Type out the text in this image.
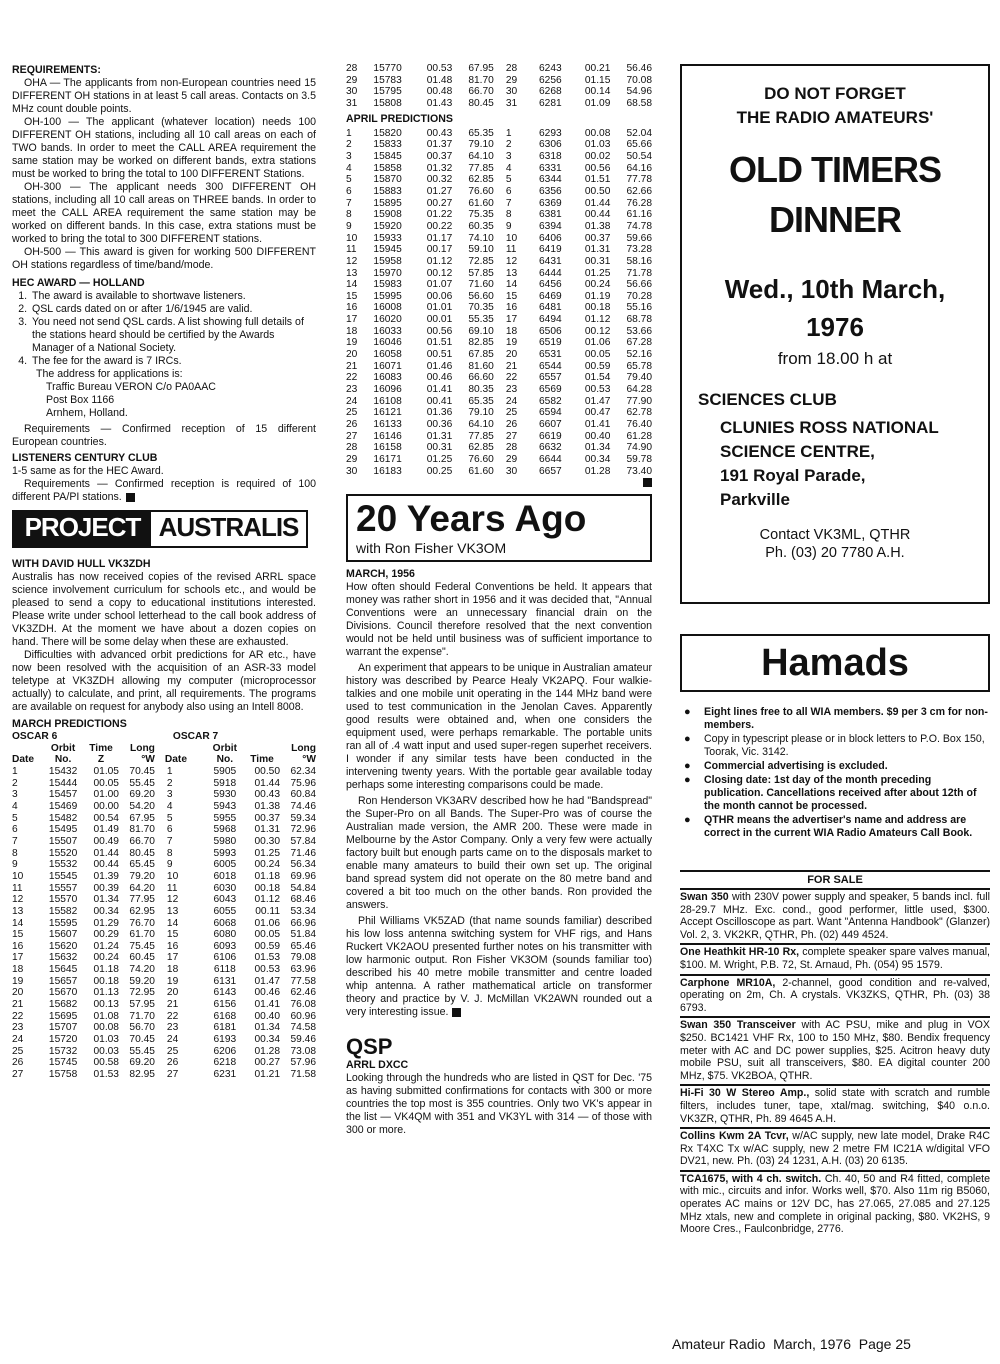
REQUIREMENTS:

OHA — The applicants from non-European countries need 15 DIFFERENT OH stations in at least 5 call areas. Contacts on 3.5 MHz count double points.

OH-100 — The applicant (whatever location) needs 100 DIFFERENT OH stations, including all 10 call areas on each of TWO bands. In order to meet the CALL AREA requirement the same station may be worked on different bands, extra stations must be worked to bring the total to 100 DIFFERENT Stations.

OH-300 — The applicant needs 300 DIFFERENT OH stations, including all 10 call areas on THREE bands. In order to meet the CALL AREA requirement the same station may be worked on different bands. In this case, extra stations must be worked to bring the total to 300 DIFFERENT stations.

OH-500 — This award is given for working 500 DIFFERENT OH stations regardless of time/band/mode.

HEC AWARD — HOLLAND
1. The award is available to shortwave listeners.
2. QSL cards dated on or after 1/6/1945 are valid.
3. You need not send QSL cards. A list showing full details of the stations heard should be certified by the Awards Manager of a National Society.
4. The fee for the award is 7 IRCs.
The address for applications is:
Traffic Bureau VERON C/o PA0AAC
Post Box 1166
Arnhem, Holland.

Requirements — Confirmed reception of 15 different European countries.

LISTENERS CENTURY CLUB

1-5 same as for the HEC Award.

Requirements — Confirmed reception is required of 100 different PA/PI stations.

PROJECT AUSTRALIS
WITH DAVID HULL VK3ZDH

Australis has now received copies of the revised ARRL space science involvement curriculum for schools etc., and would be pleased to send a copy to educational institutions interested. Please write under school letterhead to the call book address of VK3ZDH. At the moment we have about a dozen copies on hand. There will be some delay when these are exhausted.

Difficulties with advanced orbit predictions for AR etc., have now been resolved with the acquisition of an ASR-33 model teletype at VK3ZDH allowing my computer (microprocessor actually) to calculate, and print, all requirements. The programs are available on request for anybody also using an Intell 8008.

MARCH PREDICTIONS
OSCAR 6				OSCAR 7			
	Orbit	Time	Long		Orbit		Long
Date	No.	Z	°W	Date	No.	Time	°W
1	15432	01.05	70.45	1	5905	00.50	62.34
2	15444	00.05	55.45	2	5918	01.44	75.96
3	15457	01.00	69.20	3	5930	00.43	60.84
4	15469	00.00	54.20	4	5943	01.38	74.46
5	15482	00.54	67.95	5	5955	00.37	59.34
6	15495	01.49	81.70	6	5968	01.31	72.96
7	15507	00.49	66.70	7	5980	00.30	57.84
8	15520	01.44	80.45	8	5993	01.25	71.46
9	15532	00.44	65.45	9	6005	00.24	56.34
10	15545	01.39	79.20	10	6018	01.18	69.96
11	15557	00.39	64.20	11	6030	00.18	54.84
12	15570	01.34	77.95	12	6043	01.12	68.46
13	15582	00.34	62.95	13	6055	00.11	53.34
14	15595	01.29	76.70	14	6068	01.06	66.96
15	15607	00.29	61.70	15	6080	00.05	51.84
16	15620	01.24	75.45	16	6093	00.59	65.46
17	15632	00.24	60.45	17	6106	01.53	79.08
18	15645	01.18	74.20	18	6118	00.53	63.96
19	15657	00.18	59.20	19	6131	01.47	77.58
20	15670	01.13	72.95	20	6143	00.46	62.46
21	15682	00.13	57.95	21	6156	01.41	76.08
22	15695	01.08	71.70	22	6168	00.40	60.96
23	15707	00.08	56.70	23	6181	01.34	74.58
24	15720	01.03	70.45	24	6193	00.34	59.46
25	15732	00.03	55.45	25	6206	01.28	73.08
26	15745	00.58	69.20	26	6218	00.27	57.96
27	15758	01.53	82.95	27	6231	01.21	71.58
28	15770	00.53	67.95	28	6243	00.21	56.46
29	15783	01.48	81.70	29	6256	01.15	70.08
30	15795	00.48	66.70	30	6268	00.14	54.96
31	15808	01.43	80.45	31	6281	01.09	68.58
APRIL PREDICTIONS
1	15820	00.43	65.35	1	6293	00.08	52.04
2	15833	01.37	79.10	2	6306	01.03	65.66
3	15845	00.37	64.10	3	6318	00.02	50.54
4	15858	01.32	77.85	4	6331	00.56	64.16
5	15870	00.32	62.85	5	6344	01.51	77.78
6	15883	01.27	76.60	6	6356	00.50	62.66
7	15895	00.27	61.60	7	6369	01.44	76.28
8	15908	01.22	75.35	8	6381	00.44	61.16
9	15920	00.22	60.35	9	6394	01.38	74.78
10	15933	01.17	74.10	10	6406	00.37	59.66
11	15945	00.17	59.10	11	6419	01.31	73.28
12	15958	01.12	72.85	12	6431	00.31	58.16
13	15970	00.12	57.85	13	6444	01.25	71.78
14	15983	01.07	71.60	14	6456	00.24	56.66
15	15995	00.06	56.60	15	6469	01.19	70.28
16	16008	01.01	70.35	16	6481	00.18	55.16
17	16020	00.01	55.35	17	6494	01.12	68.78
18	16033	00.56	69.10	18	6506	00.12	53.66
19	16046	01.51	82.85	19	6519	01.06	67.28
20	16058	00.51	67.85	20	6531	00.05	52.16
21	16071	01.46	81.60	21	6544	00.59	65.78
22	16083	00.46	66.60	22	6557	01.54	79.40
23	16096	01.41	80.35	23	6569	00.53	64.28
24	16108	00.41	65.35	24	6582	01.47	77.90
25	16121	01.36	79.10	25	6594	00.47	62.78
26	16133	00.36	64.10	26	6607	01.41	76.40
27	16146	01.31	77.85	27	6619	00.40	61.28
28	16158	00.31	62.85	28	6632	01.34	74.90
29	16171	01.25	76.60	29	6644	00.34	59.78
30	16183	00.25	61.60	30	6657	01.28	73.40
20 Years Ago
with Ron Fisher VK3OM
MARCH, 1956

How often should Federal Conventions be held. It appears that money was rather short in 1956 and it was decided that, "Annual Conventions were an unnecessary financial drain on the Divisions. Council therefore resolved that the next convention would not be held until business was of sufficient importance to warrant the expense".

An experiment that appears to be unique in Australian amateur history was described by Pearce Healy VK2APQ. Four walkie-talkies and one mobile unit operating in the 144 MHz band were used to test communication in the Jenolan Caves. Apparently good results were obtained and, when one considers the equipment used, were perhaps remarkable. The portable units ran all of .4 watt input and used super-regen superhet receivers. I wonder if any similar tests have been conducted in the intervening twenty years. With the portable gear available today perhaps some interesting comparisons could be made.

Ron Henderson VK3ARV described how he had "Bandspread" the Super-Pro on all Bands. The Super-Pro was of course the Australian made version, the AMR 200. These were made in Melbourne by the Astor Company. Only a very few were actually factory built but enough parts came on to the disposals market to enable many amateurs to build their own set up. The original band spread system did not operate on the 80 metre band and covered a bit too much on the other bands. Ron provided the answers.

Phil Williams VK5ZAD (that name sounds familiar) described his low loss antenna switching system for VHF rigs, and Hans Ruckert VK2AOU presented further notes on his transmitter with low harmonic output. Ron Fisher VK3OM (sounds familiar too) described his 40 metre mobile transmitter and centre loaded whip antenna. A rather mathematical article on transformer theory and practice by V. J. McMillan VK2AWN rounded out a very interesting issue.

QSP
ARRL DXCC

Looking through the hundreds who are listed in QST for Dec. '75 as having submitted confirmations for contacts with 300 or more countries the top most is 355 countries. Only two VK's appear in the list — VK4QM with 351 and VK3YL with 314 — of those with 300 or more.

DO NOT FORGET
THE RADIO AMATEURS'
OLD TIMERS
DINNER
Wed., 10th March,
1976
from 18.00 h at
SCIENCES CLUB
CLUNIES ROSS NATIONAL
SCIENCE CENTRE,
191 Royal Parade,
Parkville
Contact VK3ML, QTHR
Ph. (03) 20 7780 A.H.
Hamads
● Eight lines free to all WIA members. $9 per 3 cm for non-members.
● Copy in typescript please or in block letters to P.O. Box 150, Toorak, Vic. 3142.
● Commercial advertising is excluded.
● Closing date: 1st day of the month preceding publication. Cancellations received after about 12th of the month cannot be processed.
● QTHR means the advertiser's name and address are correct in the current WIA Radio Amateurs Call Book.
FOR SALE

Swan 350 with 230V power supply and speaker, 5 bands incl. full 28-29.7 MHz. Exc. cond., good performer, little used, $300. Accept Oscilloscope as part. Want "Antenna Handbook" (Glanzer) Vol. 2, 3. VK2KR, QTHR, Ph. (02) 449 4524.

One Heathkit HR-10 Rx, complete speaker spare valves manual, $100. M. Wright, P.B. 72, St. Arnaud, Ph. (054) 95 1579.

Carphone MR10A, 2-channel, good condition and re-valved, operating on 2m, Ch. A crystals. VK3ZKS, QTHR, Ph. (03) 38 6793.

Swan 350 Transceiver with AC PSU, mike and plug in VOX $250. BC1421 VHF Rx, 100 to 150 MHz, $80. Bendix frequency meter with AC and DC power supplies, $25. Acitron heavy duty mobile PSU, suit all transceivers, $80. EA digital counter 200 MHz, $75. VK2BOA, QTHR.

Hi-Fi 30 W Stereo Amp., solid state with scratch and rumble filters, includes tuner, tape, xtal/mag. switching, $40 o.n.o. VK3ZR, QTHR, Ph. 89 4645 A.H.

Collins Kwm 2A Tcvr, w/AC supply, new late model, Drake R4C Rx T4XC Tx w/AC supply, new 2 metre FM IC21A w/digital VFO DV21, new. Ph. (03) 24 1231, A.H. (03) 20 6135.

TCA1675, with 4 ch. switch. Ch. 40, 50 and R4 fitted, complete with mic., circuits and infor. Works well, $70. Also 11m rig B5060, operates AC mains or 12V DC, has 27.065, 27.085 and 27.125 MHz xtals, new and complete in original packing, $80. VK2HS, 9 Moore Cres., Faulconbridge, 2776.

Amateur Radio  March, 1976  Page 25
